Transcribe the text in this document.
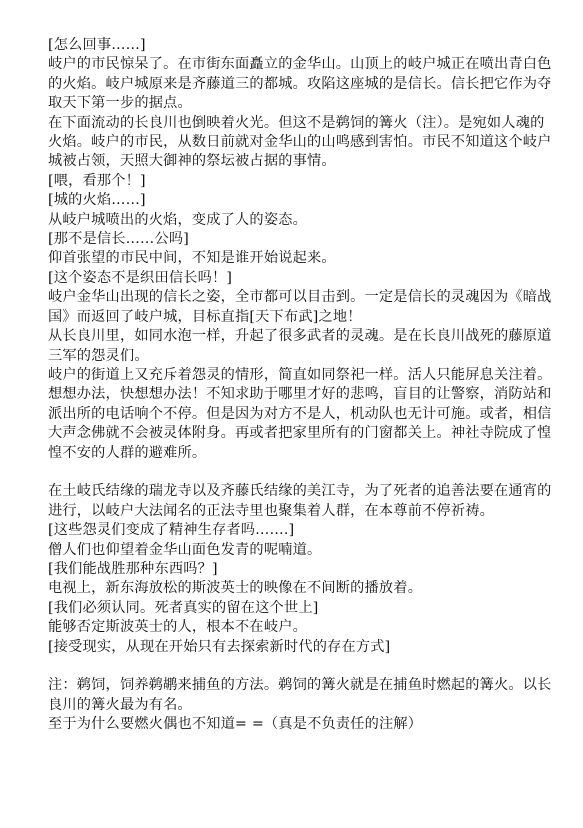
[怎么回事……]

岐户的市民惊呆了。在市街东面矗立的金华山。山顶上的岐户城正在喷出青白色的火焰。岐户城原来是齐藤道三的都城。攻陷这座城的是信长。信长把它作为夺取天下第一步的据点。

在下面流动的长良川也倒映着火光。但这不是鹈饲的篝火（注）。是宛如人魂的火焰。岐户的市民，从数日前就对金华山的山鸣感到害怕。市民不知道这个岐户城被占领，天照大御神的祭坛被占据的事情。

[喂，看那个！]

[城的火焰……]

从岐户城喷出的火焰，变成了人的姿态。

[那不是信长……公吗]

仰首张望的市民中间，不知是谁开始说起来。

[这个姿态不是织田信长吗！]

岐户金华山出现的信长之姿，全市都可以目击到。一定是信长的灵魂因为《暗战国》而返回了岐户城，目标直指[天下布武]之地！

从长良川里，如同水泡一样，升起了很多武者的灵魂。是在长良川战死的藤原道三军的怨灵们。

岐户的街道上又充斥着怨灵的情形，简直如同祭祀一样。活人只能屏息关注着。

想想办法，快想想办法！不知求助于哪里才好的悲鸣，盲目的让警察，消防站和派出所的电话响个不停。但是因为对方不是人，机动队也无计可施。或者，相信大声念佛就不会被灵体附身。再或者把家里所有的门窗都关上。神社寺院成了惶惶不安的人群的避难所。

在土岐氏结缘的瑞龙寺以及齐藤氏结缘的美江寺，为了死者的追善法要在通宵的进行，以岐户大法闻名的正法寺里也聚集着人群，在本尊前不停祈祷。

[这些怨灵们变成了精神生存者吗…….]

僧人们也仰望着金华山面色发青的呢喃道。

[我们能战胜那种东西吗？]

电视上，新东海放松的斯波英士的映像在不间断的播放着。

[我们必须认同。死者真实的留在这个世上]

能够否定斯波英士的人，根本不在岐户。

[接受现实，从现在开始只有去探索新时代的存在方式]

注：鹈饲，饲养鹈鹕来捕鱼的方法。鹈饲的篝火就是在捕鱼时燃起的篝火。以长良川的篝火最为有名。

至于为什么要燃火偶也不知道= =（真是不负责任的注解）
